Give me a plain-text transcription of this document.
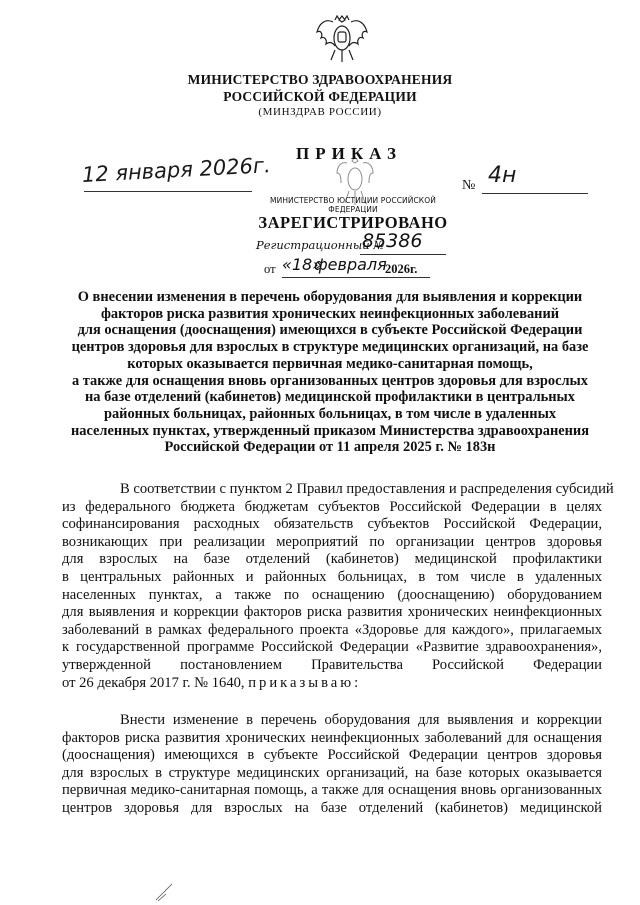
МИНИСТЕРСТВО ЗДРАВООХРАНЕНИЯ
РОССИЙСКОЙ ФЕДЕРАЦИИ
(МИНЗДРАВ РОССИИ)
ПРИКАЗ
12 января 2026г.	№ 4н
МИНИСТЕРСТВО ЮСТИЦИИ РОССИЙСКОЙ ФЕДЕРАЦИИ
ЗАРЕГИСТРИРОВАНО
Регистрационный №
85386
от «18»
февраля
2026г.
О внесении изменения в перечень оборудования для выявления и коррекции
факторов риска развития хронических неинфекционных заболеваний
для оснащения (дооснащения) имеющихся в субъекте Российской Федерации
центров здоровья для взрослых в структуре медицинских организаций, на базе
которых оказывается первичная медико-санитарная помощь,
а также для оснащения вновь организованных центров здоровья для взрослых
на базе отделений (кабинетов) медицинской профилактики в центральных
районных больницах, районных больницах, в том числе в удаленных
населенных пунктах, утвержденный приказом Министерства здравоохранения
Российской Федерации от 11 апреля 2025 г. № 183н
В соответствии с пунктом 2 Правил предоставления и распределения субсидий
из федерального бюджета бюджетам субъектов Российской Федерации в целях
софинансирования расходных обязательств субъектов Российской Федерации,
возникающих при реализации мероприятий по организации центров здоровья
для взрослых на базе отделений (кабинетов) медицинской профилактики
в центральных районных и районных больницах, в том числе в удаленных
населенных пунктах, а также по оснащению (дооснащению) оборудованием
для выявления и коррекции факторов риска развития хронических неинфекционных
заболеваний в рамках федерального проекта «Здоровье для каждого», прилагаемых
к государственной программе Российской Федерации «Развитие здравоохранения»,
утвержденной постановлением Правительства Российской Федерации
от 26 декабря 2017 г. № 1640, приказываю:
Внести изменение в перечень оборудования для выявления и коррекции
факторов риска развития хронических неинфекционных заболеваний для оснащения
(дооснащения) имеющихся в субъекте Российской Федерации центров здоровья
для взрослых в структуре медицинских организаций, на базе которых оказывается
первичная медико-санитарная помощь, а также для оснащения вновь организованных
центров здоровья для взрослых на базе отделений (кабинетов) медицинской
